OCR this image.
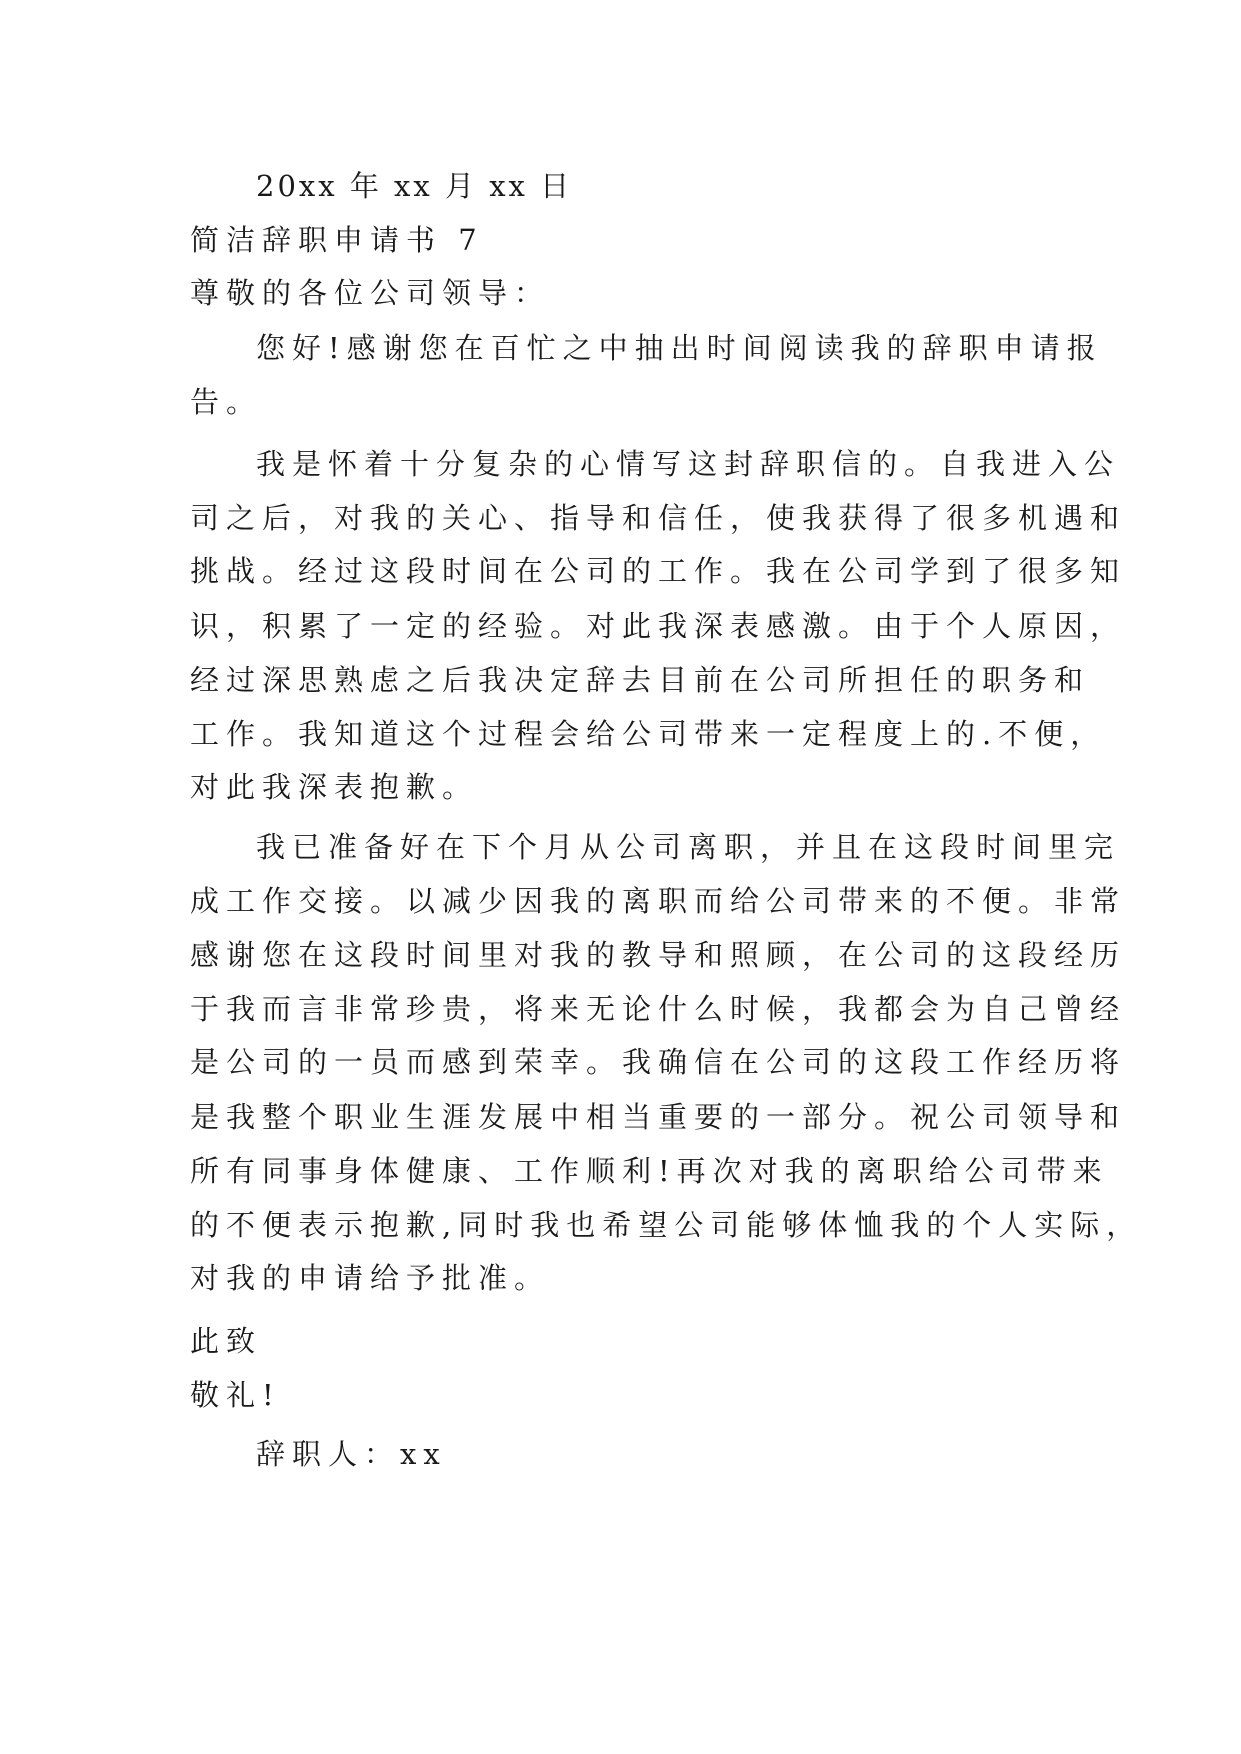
20xx 年 xx 月 xx 日
简洁辞职申请书 7
尊敬的各位公司领导：
您好!感谢您在百忙之中抽出时间阅读我的辞职申请报
告。
我是怀着十分复杂的心情写这封辞职信的。自我进入公
司之后，对我的关心、指导和信任，使我获得了很多机遇和
挑战。经过这段时间在公司的工作。我在公司学到了很多知
识，积累了一定的经验。对此我深表感激。由于个人原因，
经过深思熟虑之后我决定辞去目前在公司所担任的职务和
工作。我知道这个过程会给公司带来一定程度上的.不便，
对此我深表抱歉。
我已准备好在下个月从公司离职，并且在这段时间里完
成工作交接。以减少因我的离职而给公司带来的不便。非常
感谢您在这段时间里对我的教导和照顾，在公司的这段经历
于我而言非常珍贵，将来无论什么时候，我都会为自己曾经
是公司的一员而感到荣幸。我确信在公司的这段工作经历将
是我整个职业生涯发展中相当重要的一部分。祝公司领导和
所有同事身体健康、工作顺利!再次对我的离职给公司带来
的不便表示抱歉,同时我也希望公司能够体恤我的个人实际，
对我的申请给予批准。
此致
敬礼!
辞职人：xx
